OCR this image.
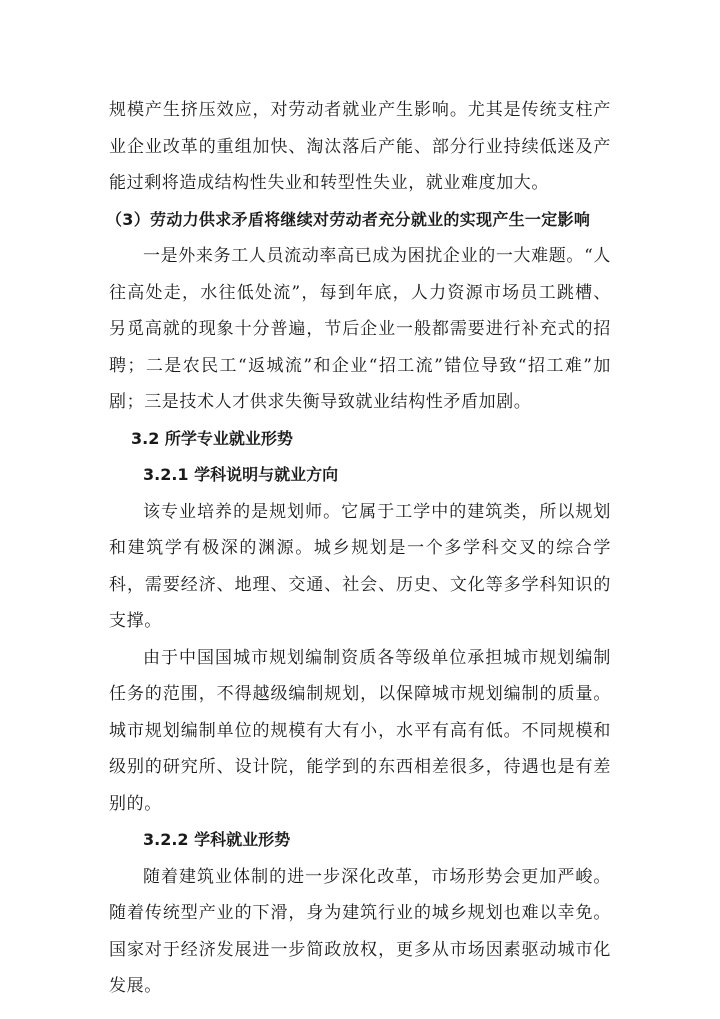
规模产生挤压效应，对劳动者就业产生影响。尤其是传统支柱产业企业改革的重组加快、淘汰落后产能、部分行业持续低迷及产能过剩将造成结构性失业和转型性失业，就业难度加大。

（3）劳动力供求矛盾将继续对劳动者充分就业的实现产生一定影响

一是外来务工人员流动率高已成为困扰企业的一大难题。“人往高处走，水往低处流”，每到年底，人力资源市场员工跳槽、另觅高就的现象十分普遍，节后企业一般都需要进行补充式的招聘；二是农民工“返城流”和企业“招工流”错位导致“招工难”加剧；三是技术人才供求失衡导致就业结构性矛盾加剧。

3.2 所学专业就业形势
3.2.1 学科说明与就业方向

该专业培养的是规划师。它属于工学中的建筑类，所以规划和建筑学有极深的渊源。城乡规划是一个多学科交叉的综合学科，需要经济、地理、交通、社会、历史、文化等多学科知识的支撑。

由于中国国城市规划编制资质各等级单位承担城市规划编制任务的范围，不得越级编制规划，以保障城市规划编制的质量。城市规划编制单位的规模有大有小，水平有高有低。不同规模和级别的研究所、设计院，能学到的东西相差很多，待遇也是有差别的。

3.2.2 学科就业形势

随着建筑业体制的进一步深化改革，市场形势会更加严峻。随着传统型产业的下滑，身为建筑行业的城乡规划也难以幸免。国家对于经济发展进一步简政放权，更多从市场因素驱动城市化发展。
